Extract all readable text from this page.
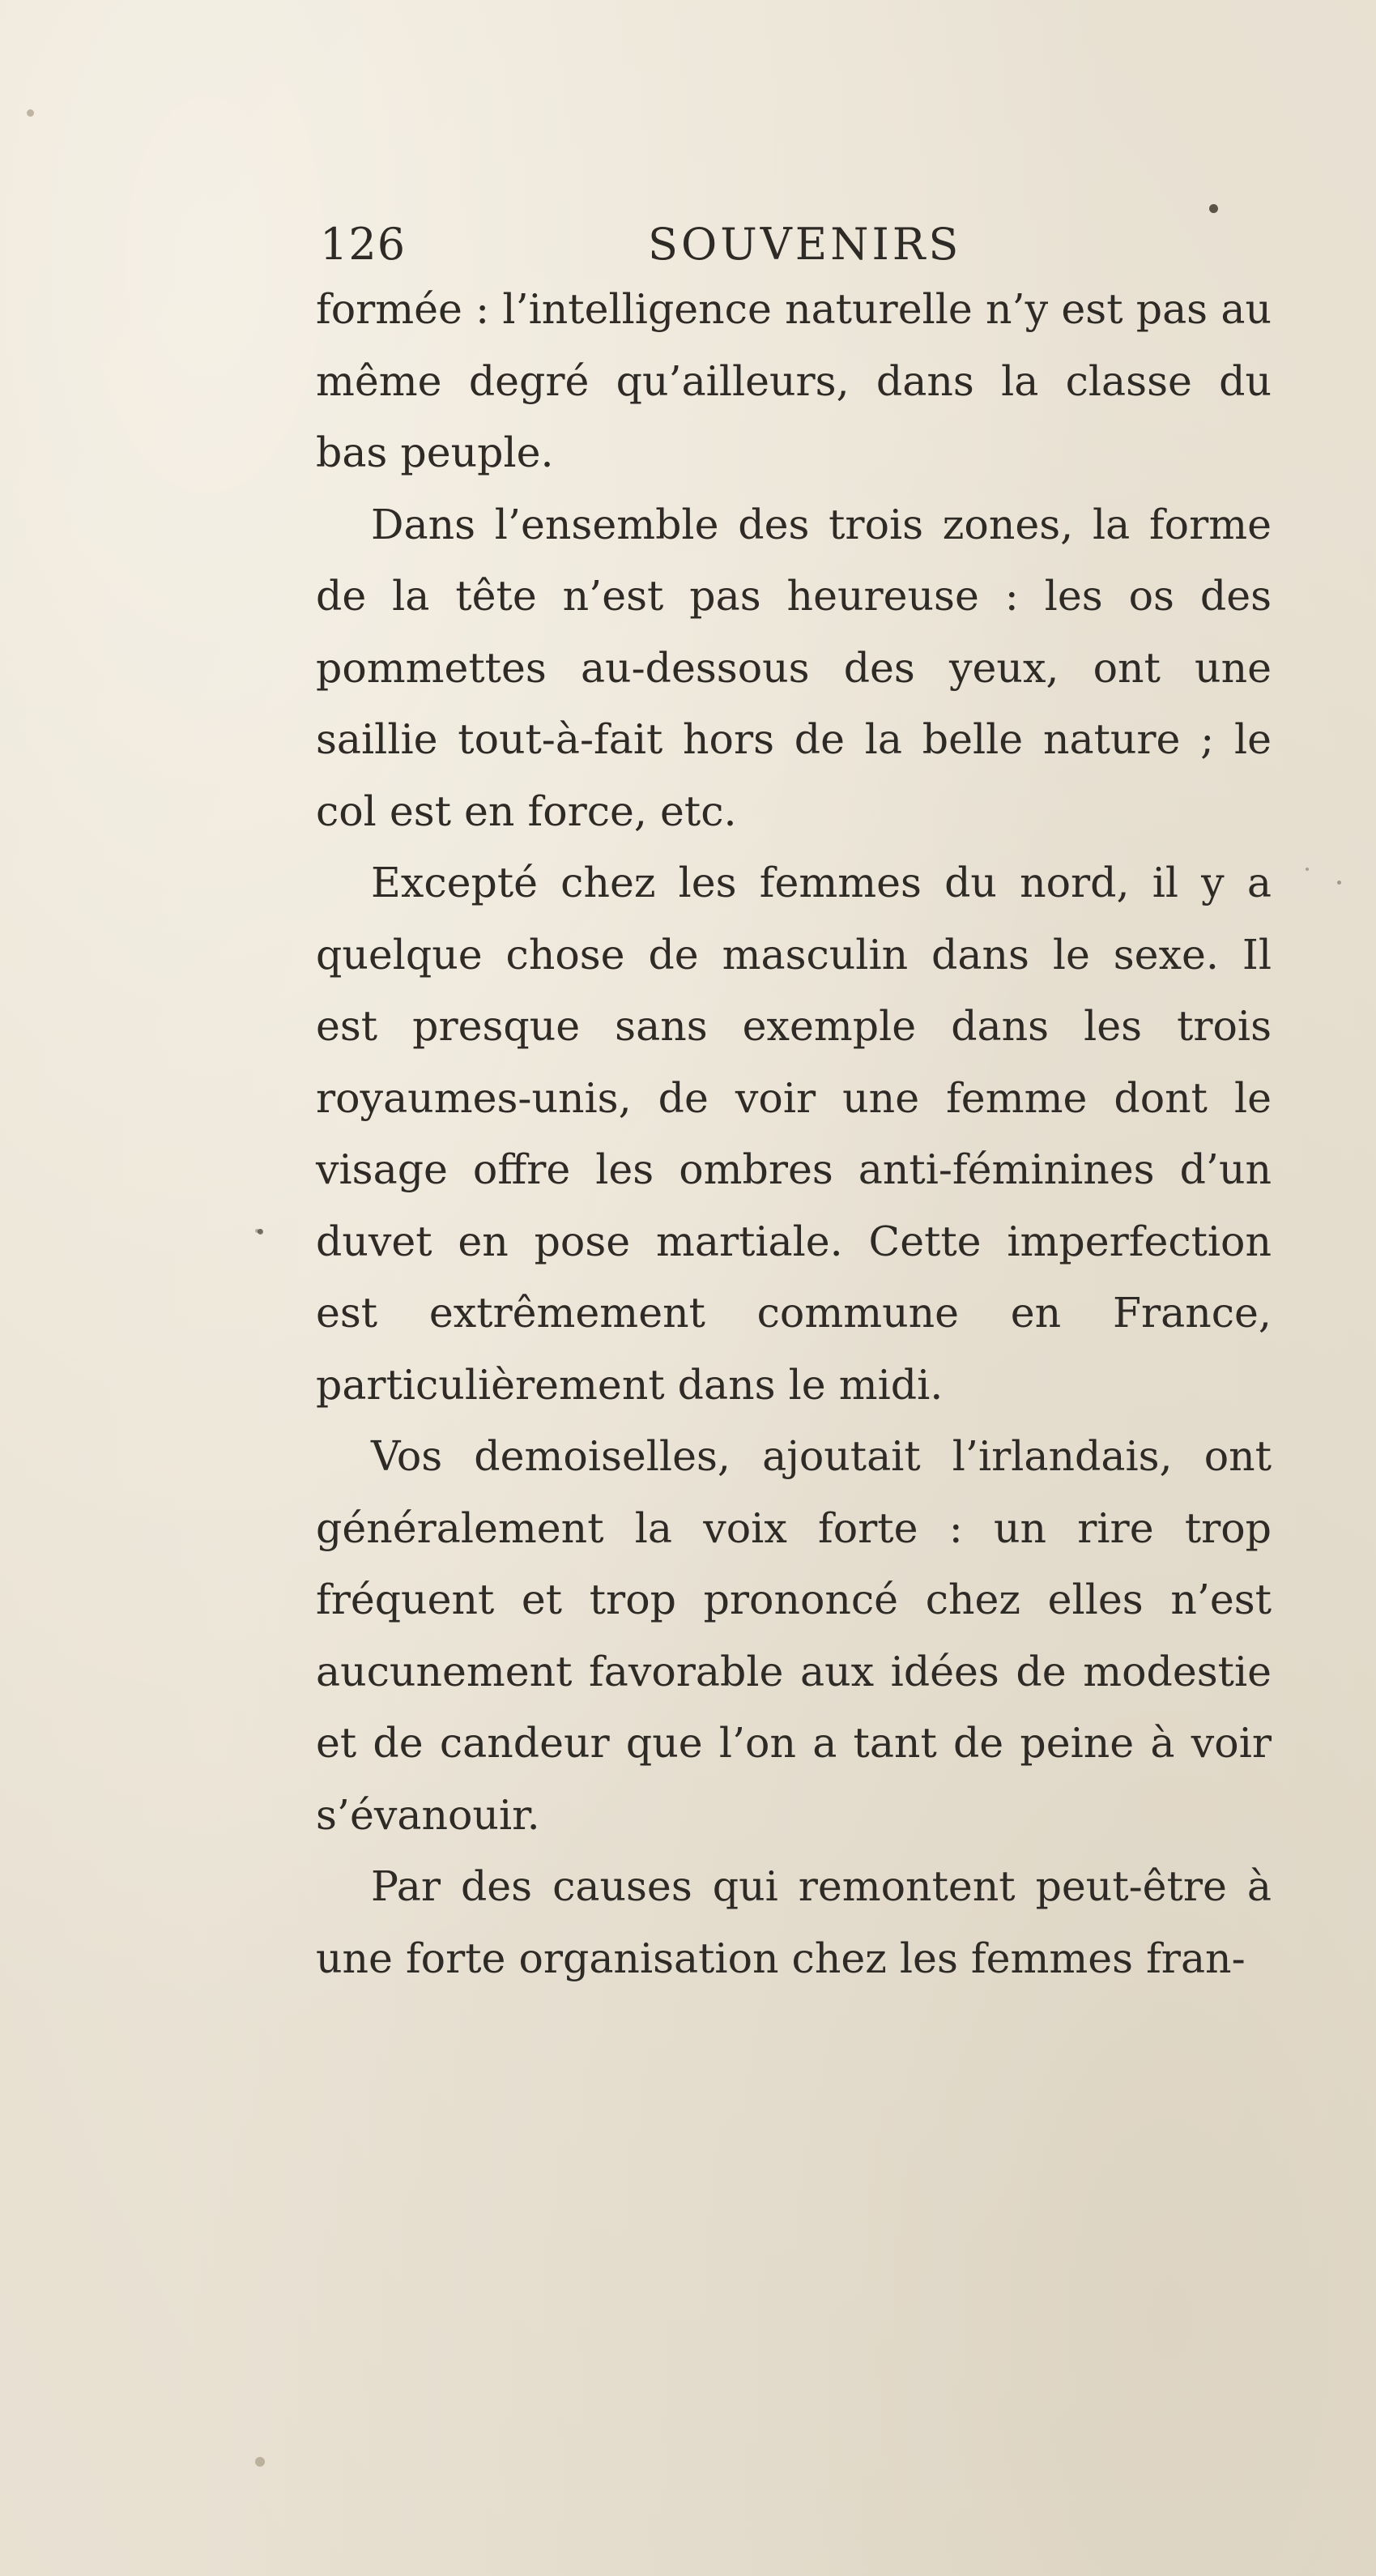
126	SOUVENIRS

formée : l’intelligence naturelle n’y est pas au même degré qu’ailleurs, dans la classe du bas peuple.

Dans l’ensemble des trois zones, la forme de la tête n’est pas heureuse : les os des pommettes au-dessous des yeux, ont une saillie tout-à-fait hors de la belle nature ; le col est en force, etc.

Excepté chez les femmes du nord, il y a quelque chose de masculin dans le sexe. Il est presque sans exemple dans les trois royaumes-unis, de voir une femme dont le visage offre les ombres anti-féminines d’un duvet en pose martiale. Cette imperfection est extrêmement commune en France, particulièrement dans le midi.

Vos demoiselles, ajoutait l’irlandais, ont généralement la voix forte : un rire trop fréquent et trop prononcé chez elles n’est aucunement favorable aux idées de modestie et de candeur que l’on a tant de peine à voir s’évanouir.

Par des causes qui remontent peut-être à une forte organisation chez les femmes fran-
